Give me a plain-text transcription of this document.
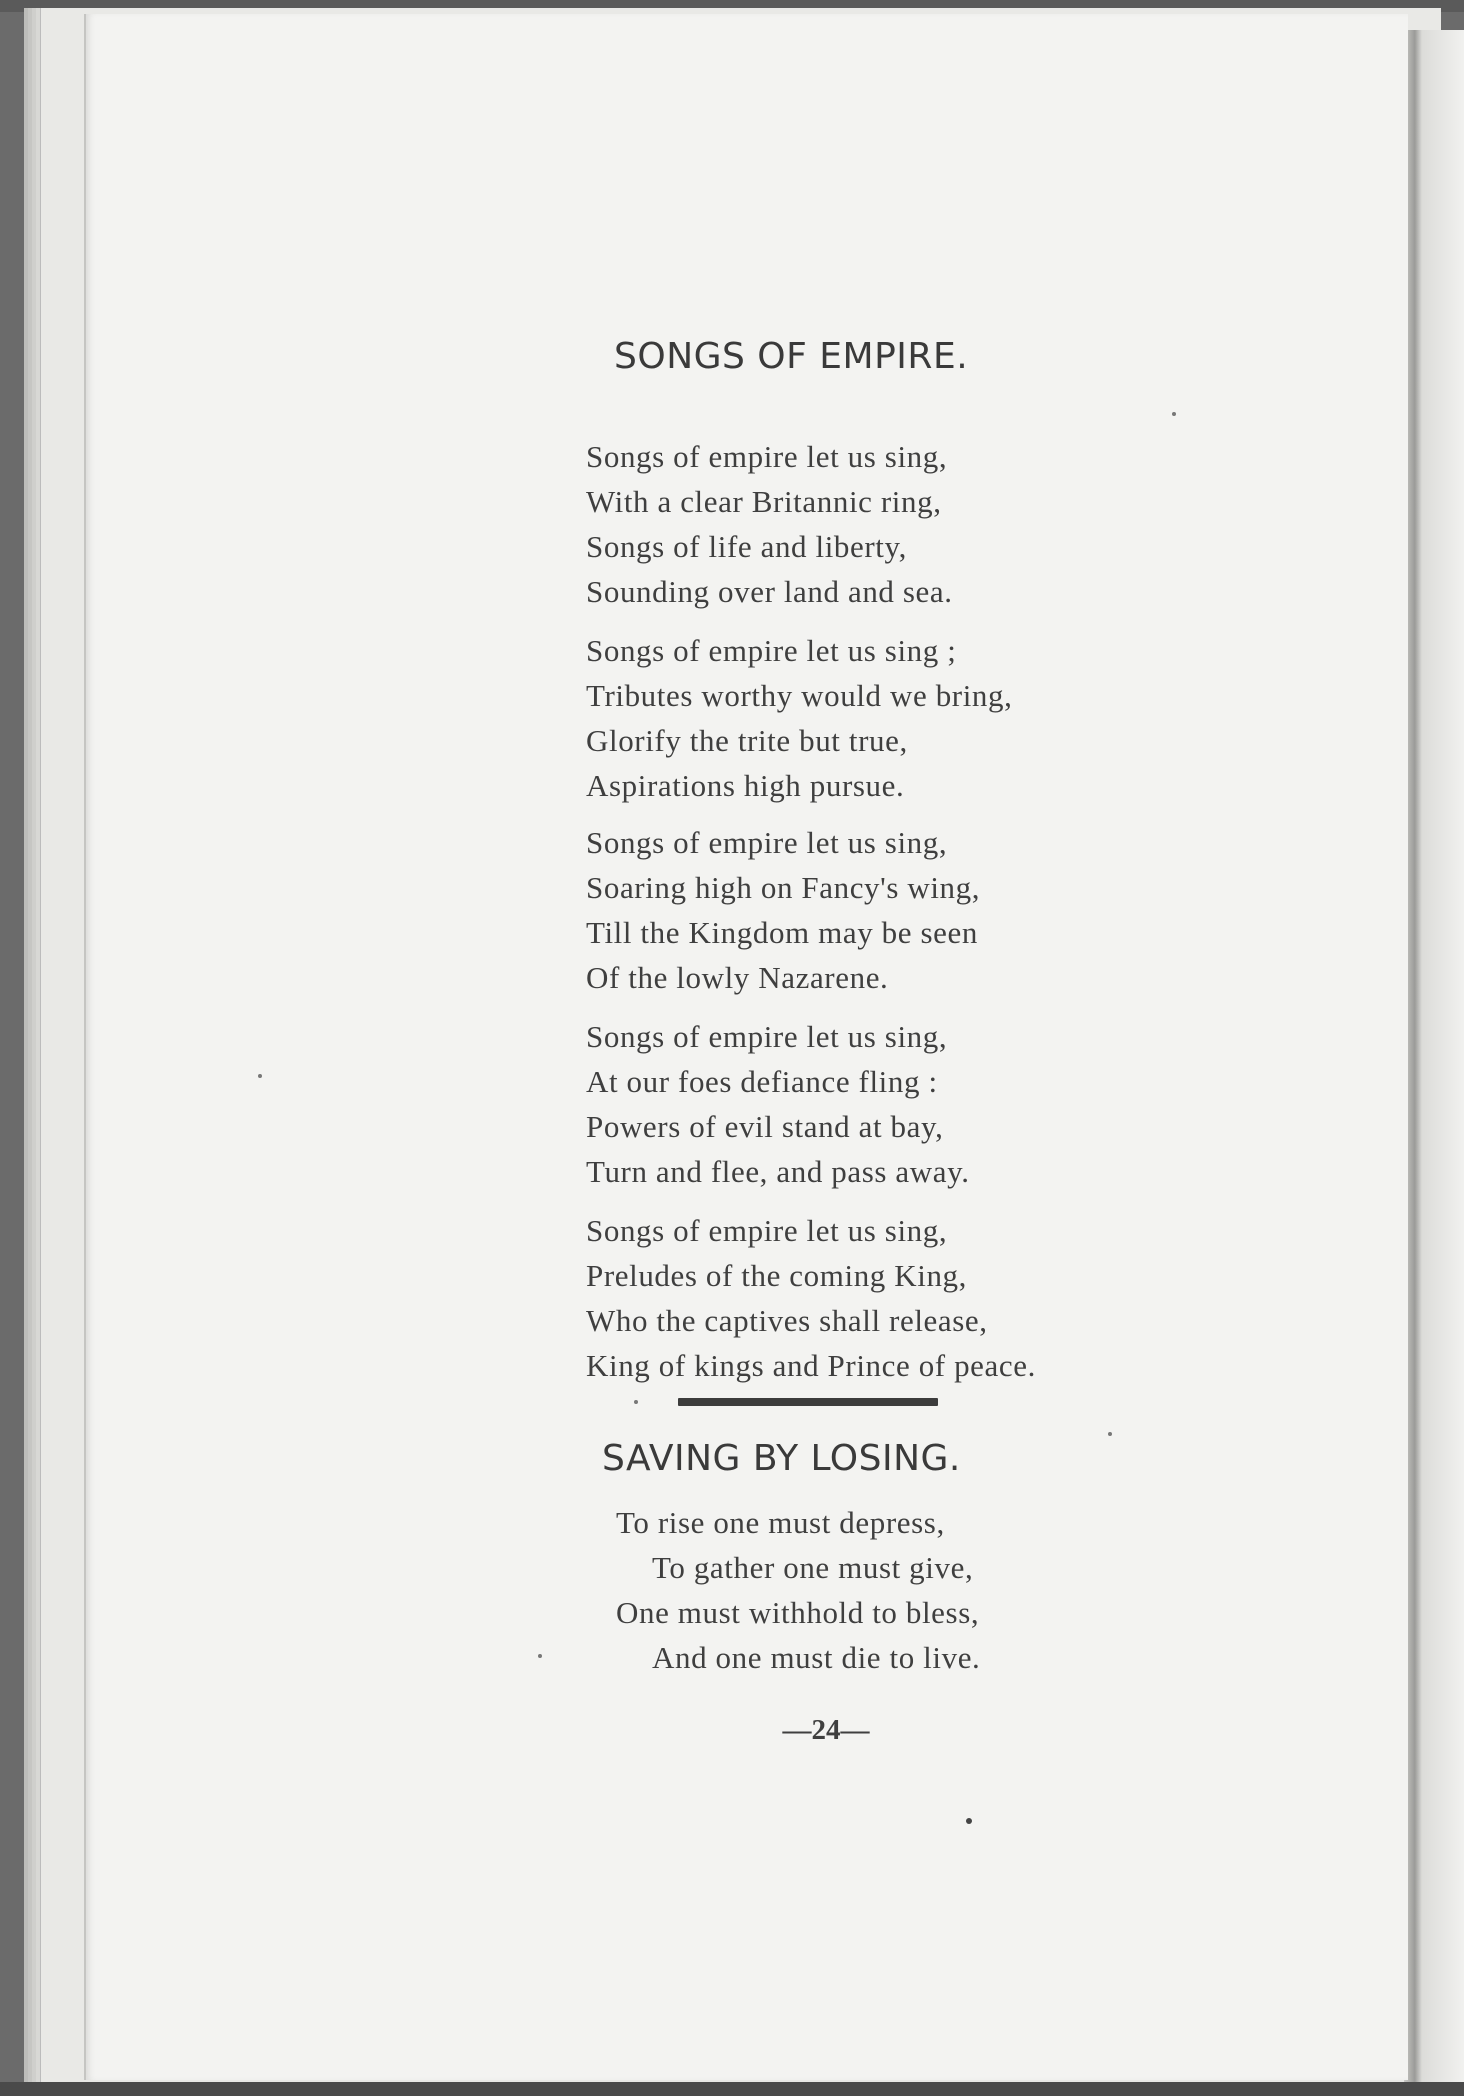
SONGS OF EMPIRE.
Songs of empire let us sing,
With a clear Britannic ring,
Songs of life and liberty,
Sounding over land and sea.
Songs of empire let us sing ;
Tributes worthy would we bring,
Glorify the trite but true,
Aspirations high pursue.
Songs of empire let us sing,
Soaring high on Fancy's wing,
Till the Kingdom may be seen
Of the lowly Nazarene.
Songs of empire let us sing,
At our foes defiance fling :
Powers of evil stand at bay,
Turn and flee, and pass away.
Songs of empire let us sing,
Preludes of the coming King,
Who the captives shall release,
King of kings and Prince of peace.
SAVING BY LOSING.
To rise one must depress,
To gather one must give,
One must withhold to bless,
And one must die to live.
—24—
